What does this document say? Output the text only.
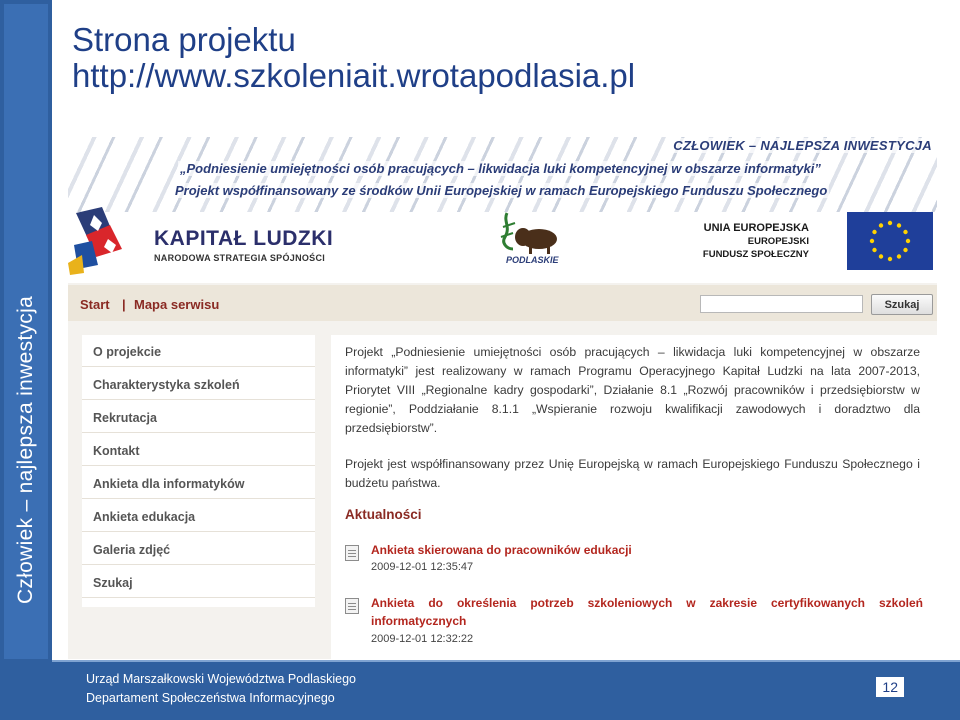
Człowiek – najlepsza inwestycja
Strona projektu
http://www.szkoleniait.wrotapodlasia.pl
CZŁOWIEK – NAJLEPSZA INWESTYCJA
„Podniesienie umiejętności osób pracujących – likwidacja luki kompetencyjnej w obszarze informatyki”
Projekt współfinansowany ze środków Unii Europejskiej w ramach Europejskiego Funduszu Społecznego
KAPITAŁ LUDZKI
NARODOWA STRATEGIA SPÓJNOŚCI	PODLASKIE
UNIA EUROPEJSKA
EUROPEJSKI
FUNDUSZ SPOŁECZNY
Start | Mapa serwisu	Szukaj
O projekcie
Charakterystyka szkoleń
Rekrutacja
Kontakt
Ankieta dla informatyków
Ankieta edukacja
Galeria zdjęć
Szukaj
Projekt „Podniesienie umiejętności osób pracujących – likwidacja luki kompetencyjnej w obszarze informatyki” jest realizowany w ramach Programu Operacyjnego Kapitał Ludzki na lata 2007-2013, Priorytet VIII „Regionalne kadry gospodarki”, Działanie 8.1 „Rozwój pracowników i przedsiębiorstw w regionie”, Poddziałanie 8.1.1 „Wspieranie rozwoju kwalifikacji zawodowych i doradztwo dla przedsiębiorstw”.
Projekt jest współfinansowany przez Unię Europejską w ramach Europejskiego Funduszu Społecznego i budżetu państwa.
Aktualności
Ankieta skierowana do pracowników edukacji
2009-12-01 12:35:47
Ankieta do określenia potrzeb szkoleniowych w zakresie certyfikowanych szkoleń informatycznych
2009-12-01 12:32:22
Urząd Marszałkowski Województwa Podlaskiego
Departament Społeczeństwa Informacyjnego
12
